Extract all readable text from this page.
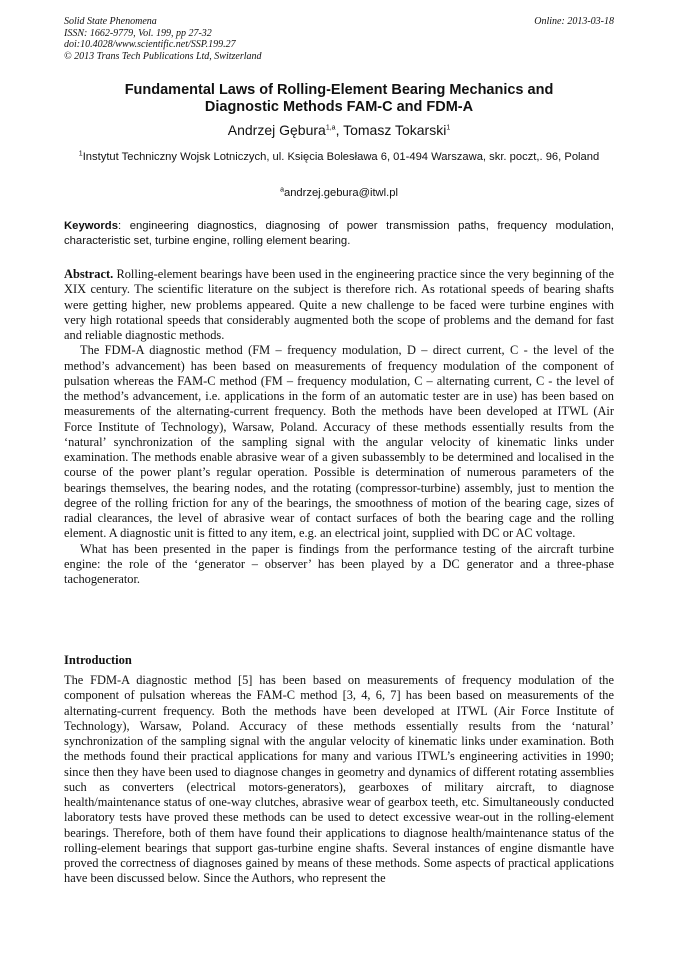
Solid State Phenomena
ISSN: 1662-9779, Vol. 199, pp 27-32
doi:10.4028/www.scientific.net/SSP.199.27
© 2013 Trans Tech Publications Ltd, Switzerland
Online: 2013-03-18
Fundamental Laws of Rolling-Element Bearing Mechanics and
Diagnostic Methods FAM-C and FDM-A
Andrzej Gębura$^{1,a}$, Tomasz Tokarski$^1$
$^1$Instytut Techniczny Wojsk Lotniczych, ul. Księcia Bolesława 6, 01-494 Warszawa, skr. poczt,. 96, Poland
$^a$andrzej.gebura@itwl.pl
Keywords: engineering diagnostics, diagnosing of power transmission paths, frequency modulation, characteristic set, turbine engine, rolling element bearing.

Abstract. Rolling-element bearings have been used in the engineering practice since the very beginning of the XIX century. The scientific literature on the subject is therefore rich. As rotational speeds of bearing shafts were getting higher, new problems appeared. Quite a new challenge to be faced were turbine engines with very high rotational speeds that considerably augmented both the scope of problems and the demand for fast and reliable diagnostic methods.

The FDM-A diagnostic method (FM – frequency modulation, D – direct current, C - the level of the method’s advancement) has been based on measurements of frequency modulation of the component of pulsation whereas the FAM-C method (FM – frequency modulation, C – alternating current, C - the level of the method’s advancement, i.e. applications in the form of an automatic tester are in use) has been based on measurements of the alternating-current frequency. Both the methods have been developed at ITWL (Air Force Institute of Technology), Warsaw, Poland. Accuracy of these methods essentially results from the ‘natural’ synchronization of the sampling signal with the angular velocity of kinematic links under examination. The methods enable abrasive wear of a given subassembly to be determined and localised in the course of the power plant’s regular operation. Possible is determination of numerous parameters of the bearings themselves, the bearing nodes, and the rotating (compressor-turbine) assembly, just to mention the degree of the rolling friction for any of the bearings, the smoothness of motion of the bearing cage, sizes of radial clearances, the level of abrasive wear of contact surfaces of both the bearing cage and the rolling element. A diagnostic unit is fitted to any item, e.g. an electrical joint, supplied with DC or AC voltage.

What has been presented in the paper is findings from the performance testing of the aircraft turbine engine: the role of the ‘generator – observer’ has been played by a DC generator and a three-phase tachogenerator.

Introduction

The FDM-A diagnostic method [5] has been based on measurements of frequency modulation of the component of pulsation whereas the FAM-C method [3, 4, 6, 7] has been based on measurements of the alternating-current frequency. Both the methods have been developed at ITWL (Air Force Institute of Technology), Warsaw, Poland. Accuracy of these methods essentially results from the ‘natural’ synchronization of the sampling signal with the angular velocity of kinematic links under examination. Both the methods found their practical applications for many and various ITWL’s engineering activities in 1990; since then they have been used to diagnose changes in geometry and dynamics of different rotating assemblies such as converters (electrical motors-generators), gearboxes of military aircraft, to diagnose health/maintenance status of one-way clutches, abrasive wear of gearbox teeth, etc. Simultaneously conducted laboratory tests have proved these methods can be used to detect excessive wear-out in the rolling-element bearings. Therefore, both of them have found their applications to diagnose health/maintenance status of the rolling-element bearings that support gas-turbine engine shafts. Several instances of engine dismantle have proved the correctness of diagnoses gained by means of these methods. Some aspects of practical applications have been discussed below. Since the Authors, who represent the
